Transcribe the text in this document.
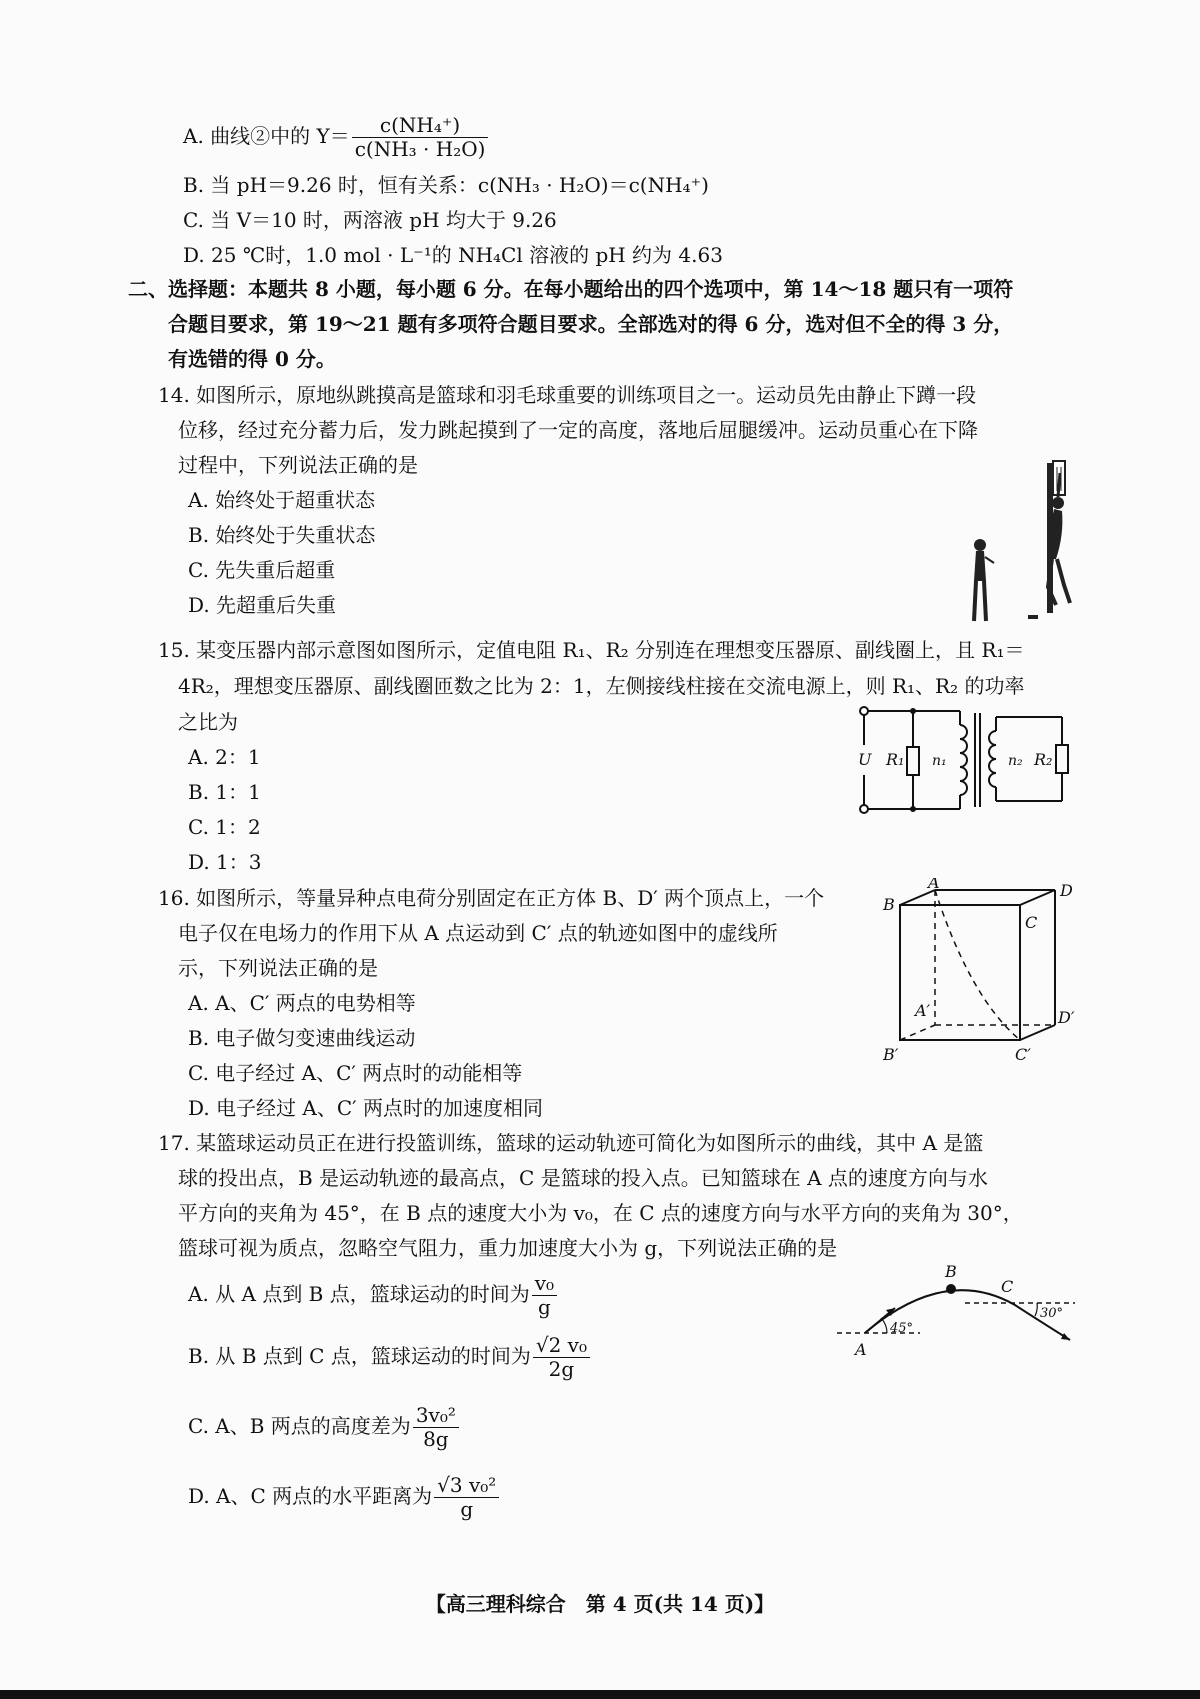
A. 曲线②中的 $Y= \frac{\text{c(NH₄⁺)}}{\text{c(NH₃ · H₂O)}}$
B. 当 pH＝9.26 时，恒有关系：c(NH₃ · H₂O)＝c(NH₄⁺)
C. 当 V＝10 时，两溶液 pH 均大于 9.26
D. 25 ℃时，1.0 mol · L⁻¹的 NH₄Cl 溶液的 pH 约为 4.63
二、选择题：本题共 8 小题，每小题 6 分。在每小题给出的四个选项中，第 14～18 题只有一项符
合题目要求，第 19～21 题有多项符合题目要求。全部选对的得 6 分，选对但不全的得 3 分，
有选错的得 0 分。
14. 如图所示，原地纵跳摸高是篮球和羽毛球重要的训练项目之一。运动员先由静止下蹲一段
位移，经过充分蓄力后，发力跳起摸到了一定的高度，落地后屈腿缓冲。运动员重心在下降
过程中，下列说法正确的是
A. 始终处于超重状态
B. 始终处于失重状态
C. 先失重后超重
D. 先超重后失重
15. 某变压器内部示意图如图所示，定值电阻 R₁、R₂ 分别连在理想变压器原、副线圈上，且 R₁＝
4R₂，理想变压器原、副线圈匝数之比为 2：1，左侧接线柱接在交流电源上，则 R₁、R₂ 的功率
之比为
A. 2：1
B. 1：1
C. 1：2
D. 1：3
U R₁ n₁	n₂ R₂
16. 如图所示，等量异种点电荷分别固定在正方体 B、D′ 两个顶点上，一个
电子仅在电场力的作用下从 A 点运动到 C′ 点的轨迹如图中的虚线所
示，下列说法正确的是
A. A、C′ 两点的电势相等
B. 电子做匀变速曲线运动
C. 电子经过 A、C′ 两点时的动能相等
D. 电子经过 A、C′ 两点时的加速度相同
A	D
B
C
A′	D′
B′	C′
17. 某篮球运动员正在进行投篮训练，篮球的运动轨迹可简化为如图所示的曲线，其中 A 是篮
球的投出点，B 是运动轨迹的最高点，C 是篮球的投入点。已知篮球在 A 点的速度方向与水
平方向的夹角为 45°，在 B 点的速度大小为 v₀，在 C 点的速度方向与水平方向的夹角为 30°，
篮球可视为质点，忽略空气阻力，重力加速度大小为 g，下列说法正确的是
A. 从 A 点到 B 点，篮球运动的时间为 $\frac{\text{v₀}}{g}$
B. 从 B 点到 C 点，篮球运动的时间为 $\frac{\text{√2 v₀}}{2g}$
C. A、B 两点的高度差为 $\frac{\text{3v₀²}}{8g}$
D. A、C 两点的水平距离为 $\frac{\text{√3 v₀²}}{g}$
B
C
A
45°
30°
【高三理科综合　第 4 页(共 14 页)】
